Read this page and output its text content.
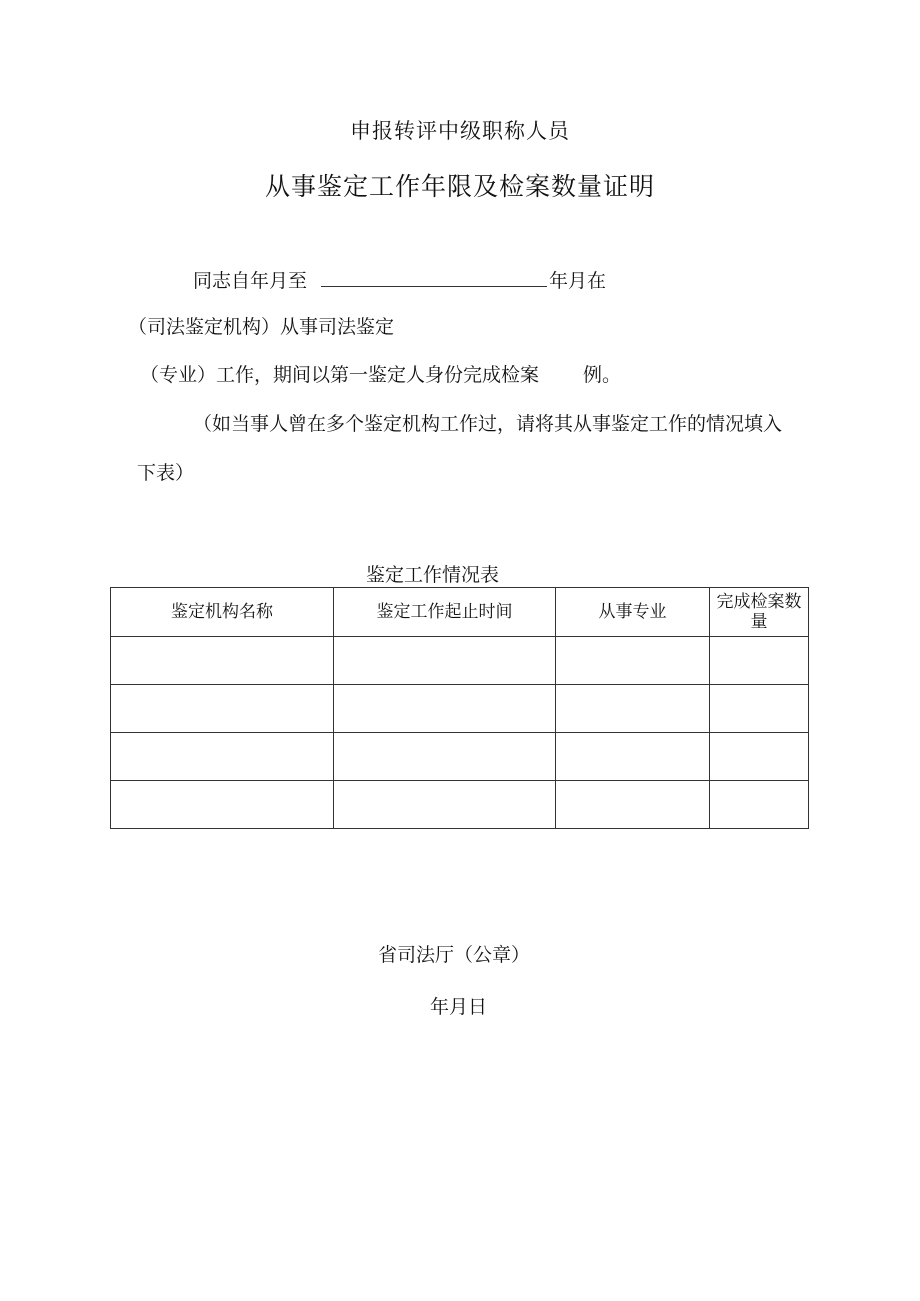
申报转评中级职称人员
从事鉴定工作年限及检案数量证明
同志自年月至	年月在
（司法鉴定机构）从事司法鉴定
（专业）工作，期间以第一鉴定人身份完成检案 例。
（如当事人曾在多个鉴定机构工作过，请将其从事鉴定工作的情况填入
下表）
鉴定工作情况表
鉴定机构名称	鉴定工作起止时间	从事专业	完成检案数量

省司法厅（公章）
年月日
